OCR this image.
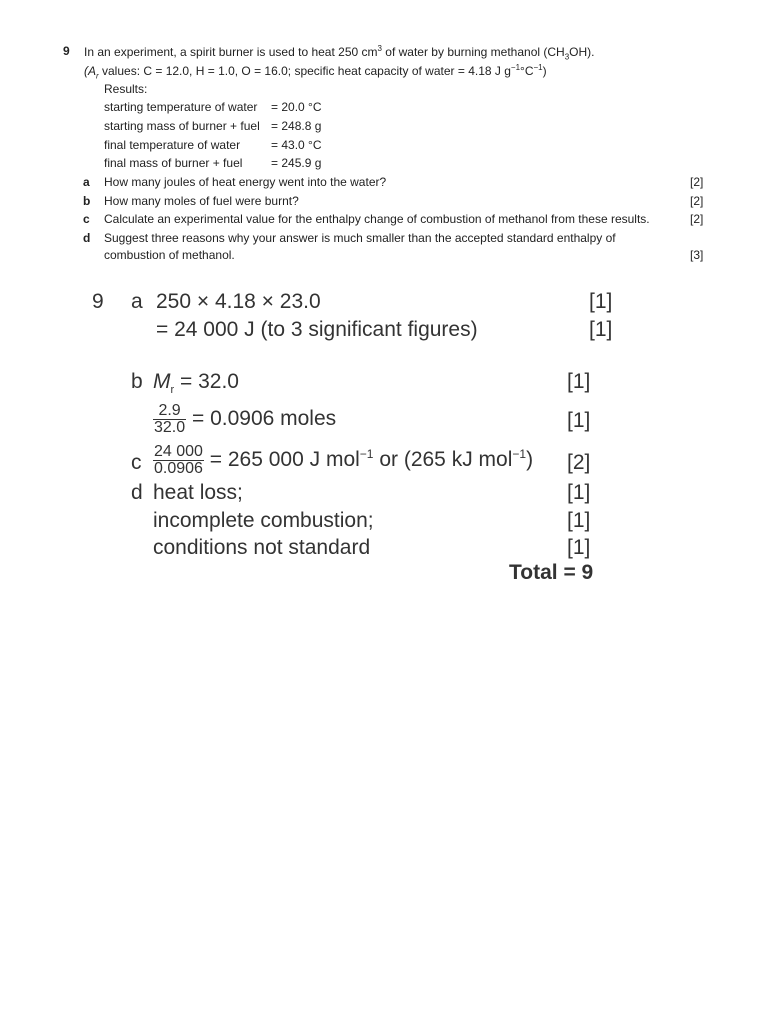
9 In an experiment, a spirit burner is used to heat 250 $cm^3$ of water by burning methanol $(CH_3OH)$.
($A_r$ values: C = 12.0, H = 1.0, O = 16.0; specific heat capacity of water = 4.18 J $g^{-1}^\circ C^{-1}$)
Results:
starting temperature of water = 20.0 °C
starting mass of burner + fuel = 248.8 g
final temperature of water	= 43.0 °C
final mass of burner + fuel = 245.9 g
a How many joules of heat energy went into the water?	[2]
b How many moles of fuel were burnt?	[2]
c Calculate an experimental value for the enthalpy change of combustion of methanol from these results.	[2]
d Suggest three reasons why your answer is much smaller than the accepted standard enthalpy of
combustion of methanol.	[3]
9 a 250 × 4.18 × 23.0	[1]
= 24 000 J (to 3 significant figures)	[1]
b $M_r = 32.0$	[1]
$\frac{2.9}{32.0} = 0.0906$ moles	[1]
c $\frac{24 000}{0.0906} = 265$ 000 J mol$^{-1}$ or (265 kJ mol$^{-1}$) [2]
d heat loss;	[1]
incomplete combustion;	[1]
conditions not standard	[1]
Total = 9
